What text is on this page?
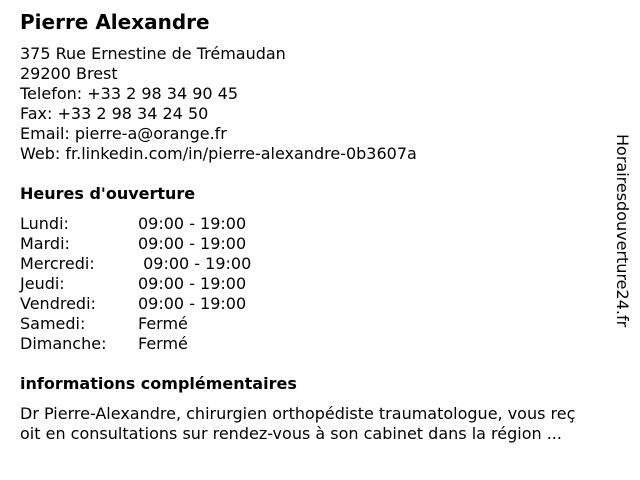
Pierre Alexandre
375 Rue Ernestine de Trémaudan
29200 Brest
Telefon: +33 2 98 34 90 45
Fax: +33 2 98 34 24 50
Email: pierre-a@orange.fr
Web: fr.linkedin.com/in/pierre-alexandre-0b3607a
Heures d'ouverture
Lundi:	09:00 - 19:00
Mardi:	09:00 - 19:00
Mercredi:	09:00 - 19:00
Jeudi:	09:00 - 19:00
Vendredi:	09:00 - 19:00
Samedi:	Fermé
Dimanche: Fermé
informations complémentaires
Dr Pierre-Alexandre, chirurgien orthopédiste traumatologue, vous reç
oit en consultations sur rendez-vous à son cabinet dans la région ...
Horairesdouverture24.fr
